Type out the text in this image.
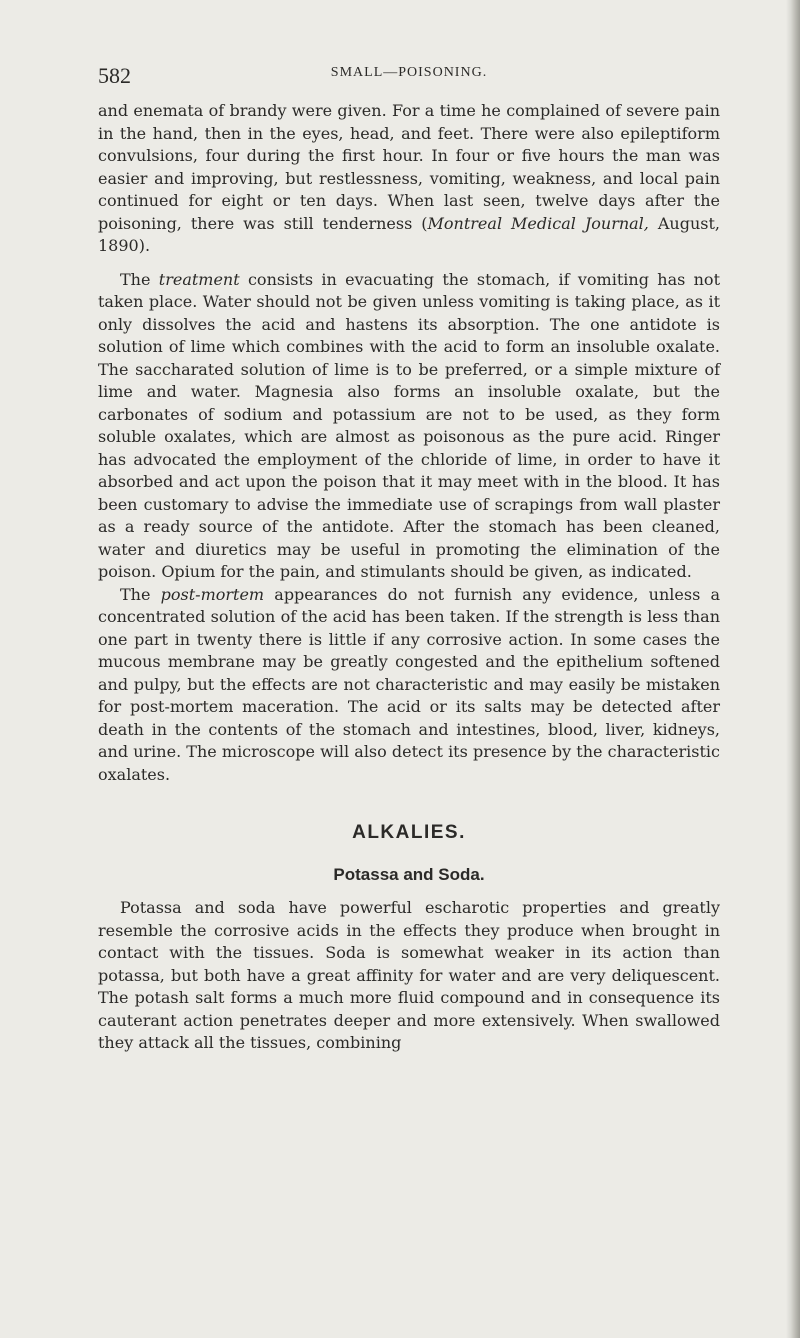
582	SMALL—POISONING.

and enemata of brandy were given. For a time he complained of severe pain in the hand, then in the eyes, head, and feet. There were also epileptiform convulsions, four during the first hour. In four or five hours the man was easier and improving, but restlessness, vomiting, weakness, and local pain continued for eight or ten days. When last seen, twelve days after the poisoning, there was still tenderness (Montreal Medical Journal, August, 1890).

The treatment consists in evacuating the stomach, if vomiting has not taken place. Water should not be given unless vomiting is taking place, as it only dissolves the acid and hastens its absorption. The one antidote is solution of lime which combines with the acid to form an insoluble oxalate. The saccharated solution of lime is to be preferred, or a simple mixture of lime and water. Magnesia also forms an insoluble oxalate, but the carbonates of sodium and potassium are not to be used, as they form soluble oxalates, which are almost as poisonous as the pure acid. Ringer has advocated the employment of the chloride of lime, in order to have it absorbed and act upon the poison that it may meet with in the blood. It has been customary to advise the immediate use of scrapings from wall plaster as a ready source of the antidote. After the stomach has been cleaned, water and diuretics may be useful in promoting the elimination of the poison. Opium for the pain, and stimulants should be given, as indicated.

The post-mortem appearances do not furnish any evidence, unless a concentrated solution of the acid has been taken. If the strength is less than one part in twenty there is little if any corrosive action. In some cases the mucous membrane may be greatly congested and the epithelium softened and pulpy, but the effects are not characteristic and may easily be mistaken for post-mortem maceration. The acid or its salts may be detected after death in the contents of the stomach and intestines, blood, liver, kidneys, and urine. The microscope will also detect its presence by the characteristic oxalates.

ALKALIES.
Potassa and Soda.

Potassa and soda have powerful escharotic properties and greatly resemble the corrosive acids in the effects they produce when brought in contact with the tissues. Soda is somewhat weaker in its action than potassa, but both have a great affinity for water and are very deliquescent. The potash salt forms a much more fluid compound and in consequence its cauterant action penetrates deeper and more extensively. When swallowed they attack all the tissues, combining
